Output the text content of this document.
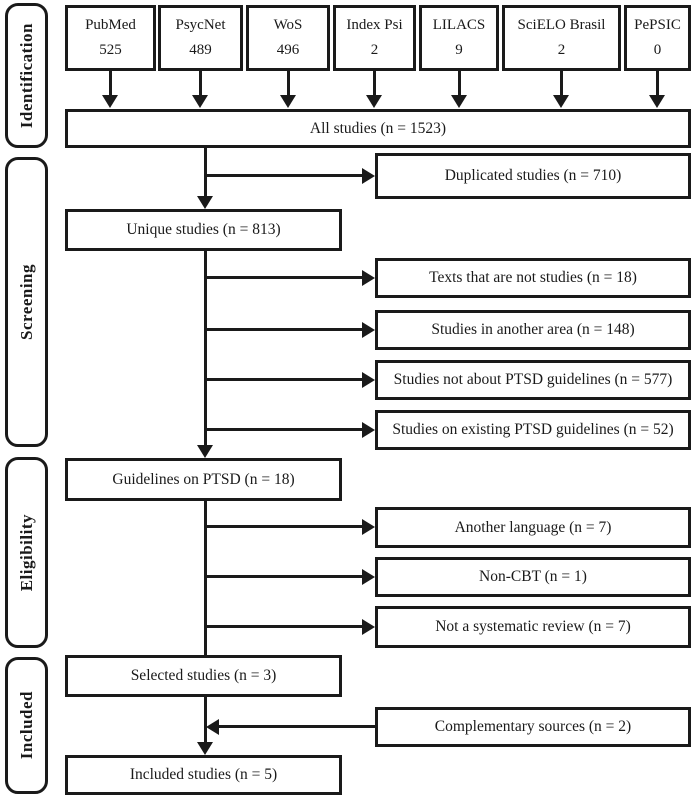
Identification
Screening
Eligibility
Included
PubMed
525
PsycNet
489
WoS
496
Index Psi
2
LILACS
9
SciELO Brasil
2
PePSIC
0
All studies (n = 1523)
Unique studies (n = 813)
Guidelines on PTSD (n = 18)
Selected studies (n = 3)
Included studies (n = 5)
Duplicated studies (n = 710)
Texts that are not studies (n = 18)
Studies in another area (n = 148)
Studies not about PTSD guidelines (n = 577)
Studies on existing PTSD guidelines (n = 52)
Another language (n = 7)
Non-CBT (n = 1)
Not a systematic review (n = 7)
Complementary sources (n = 2)
